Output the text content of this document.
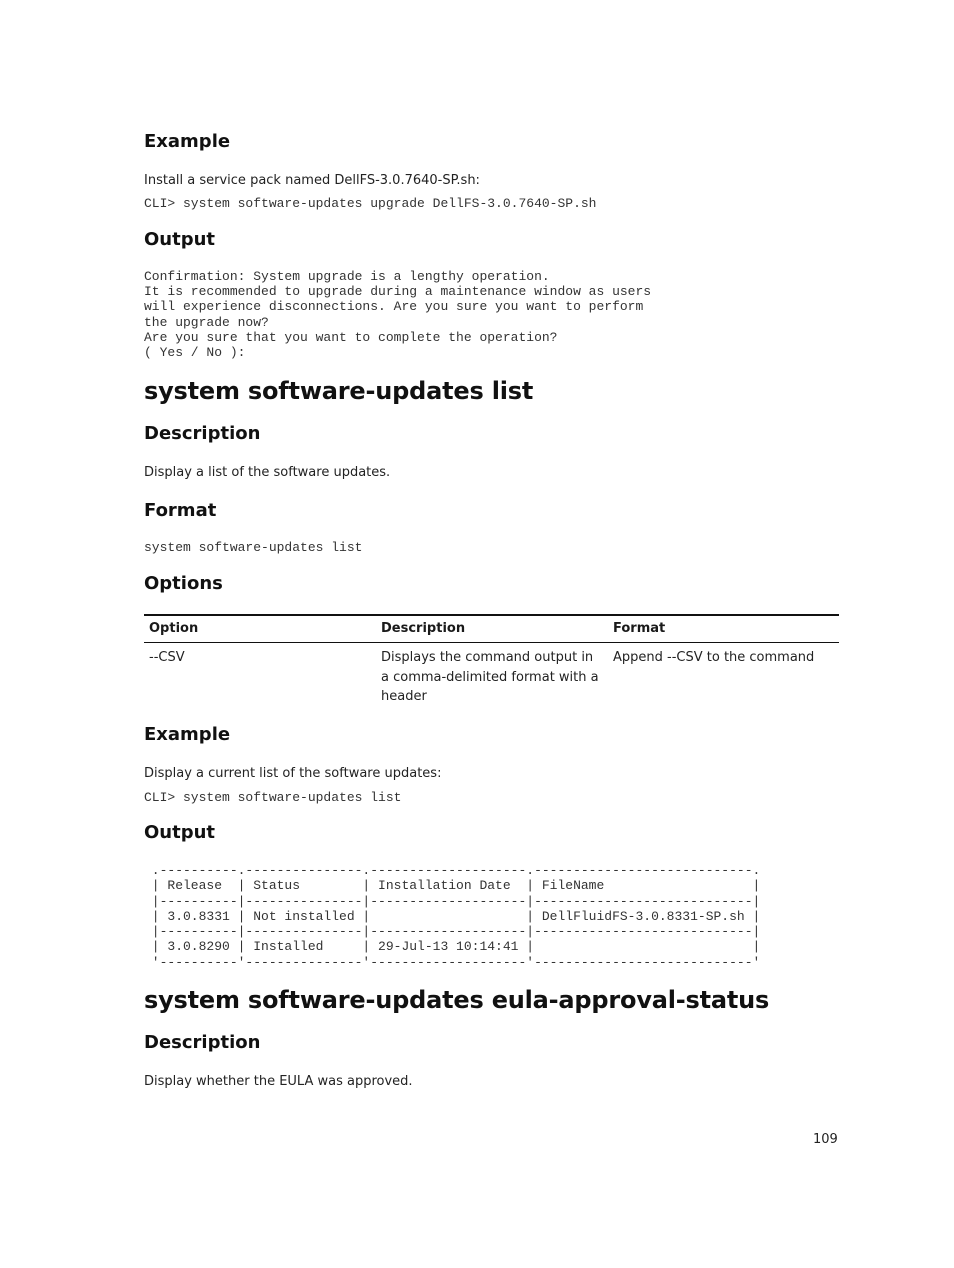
Example
Install a service pack named DellFS-3.0.7640-SP.sh:
CLI> system software-updates upgrade DellFS-3.0.7640-SP.sh
Output
Confirmation: System upgrade is a lengthy operation.
It is recommended to upgrade during a maintenance window as users
will experience disconnections. Are you sure you want to perform
the upgrade now?
Are you sure that you want to complete the operation?
( Yes / No ):
system software-updates list
Description
Display a list of the software updates.
Format
system software-updates list
Options
Option	Description	Format
--CSV	Displays the command output in a comma-delimited format with a header	Append --CSV to the command
Example
Display a current list of the software updates:
CLI> system software-updates list
Output
.----------.---------------.--------------------.----------------------------.
| Release  | Status        | Installation Date  | FileName                   |
|----------|---------------|--------------------|----------------------------|
| 3.0.8331 | Not installed |                    | DellFluidFS-3.0.8331-SP.sh |
|----------|---------------|--------------------|----------------------------|
| 3.0.8290 | Installed     | 29-Jul-13 10:14:41 |                            |
'----------'---------------'--------------------'----------------------------'
system software-updates eula-approval-status
Description
Display whether the EULA was approved.
109
